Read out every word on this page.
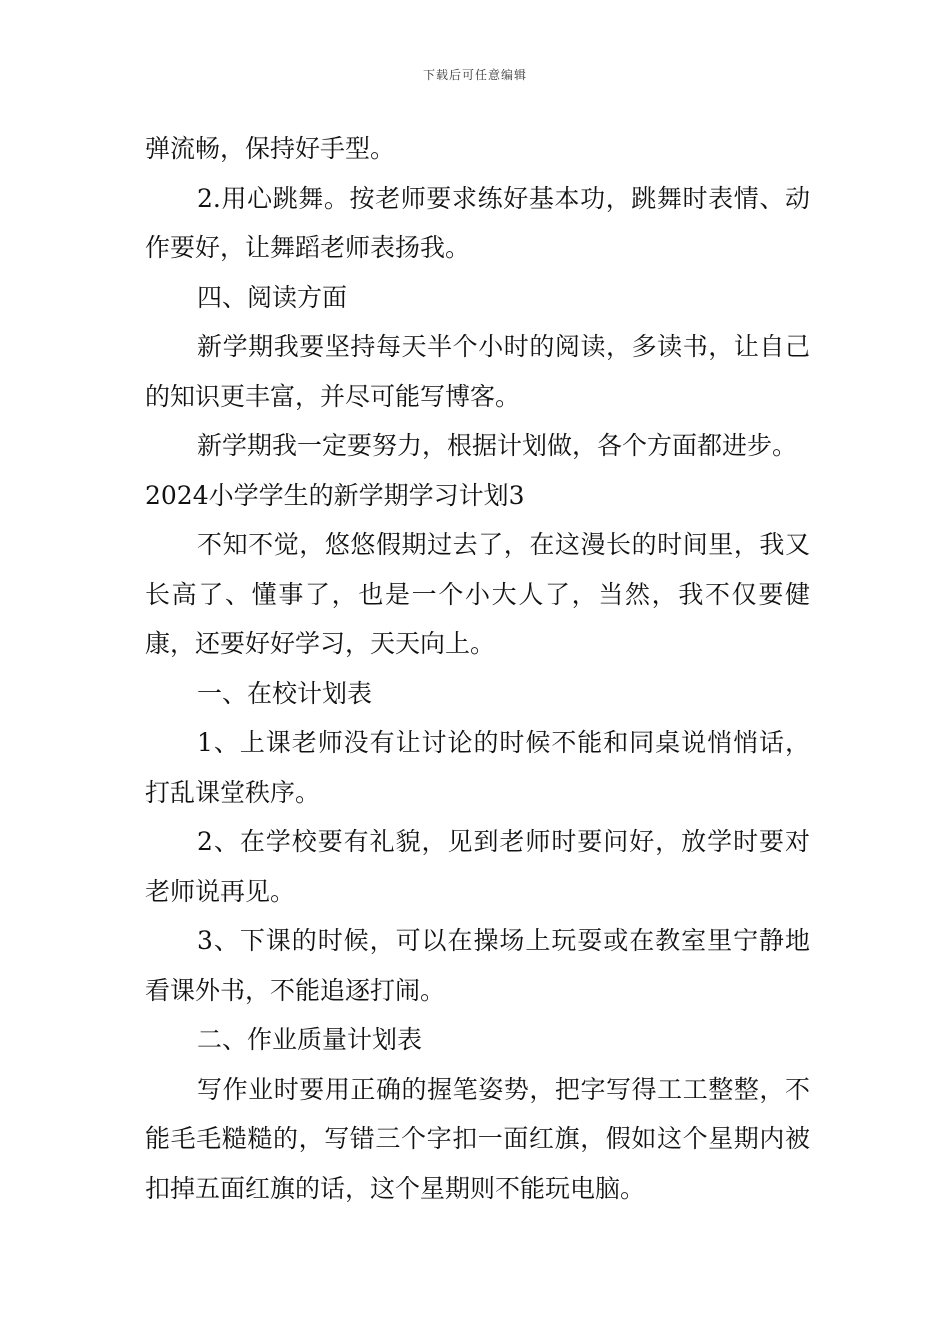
下载后可任意编辑

弹流畅，保持好手型。

2.用心跳舞。按老师要求练好基本功，跳舞时表情、动作要好，让舞蹈老师表扬我。

四、阅读方面

新学期我要坚持每天半个小时的阅读，多读书，让自己的知识更丰富，并尽可能写博客。

新学期我一定要努力，根据计划做，各个方面都进步。

2024小学学生的新学期学习计划3

不知不觉，悠悠假期过去了，在这漫长的时间里，我又长高了、懂事了，也是一个小大人了，当然，我不仅要健康，还要好好学习，天天向上。

一、在校计划表

1、上课老师没有让讨论的时候不能和同桌说悄悄话，打乱课堂秩序。

2、在学校要有礼貌，见到老师时要问好，放学时要对老师说再见。

3、下课的时候，可以在操场上玩耍或在教室里宁静地看课外书，不能追逐打闹。

二、作业质量计划表

写作业时要用正确的握笔姿势，把字写得工工整整，不能毛毛糙糙的，写错三个字扣一面红旗，假如这个星期内被扣掉五面红旗的话，这个星期则不能玩电脑。
